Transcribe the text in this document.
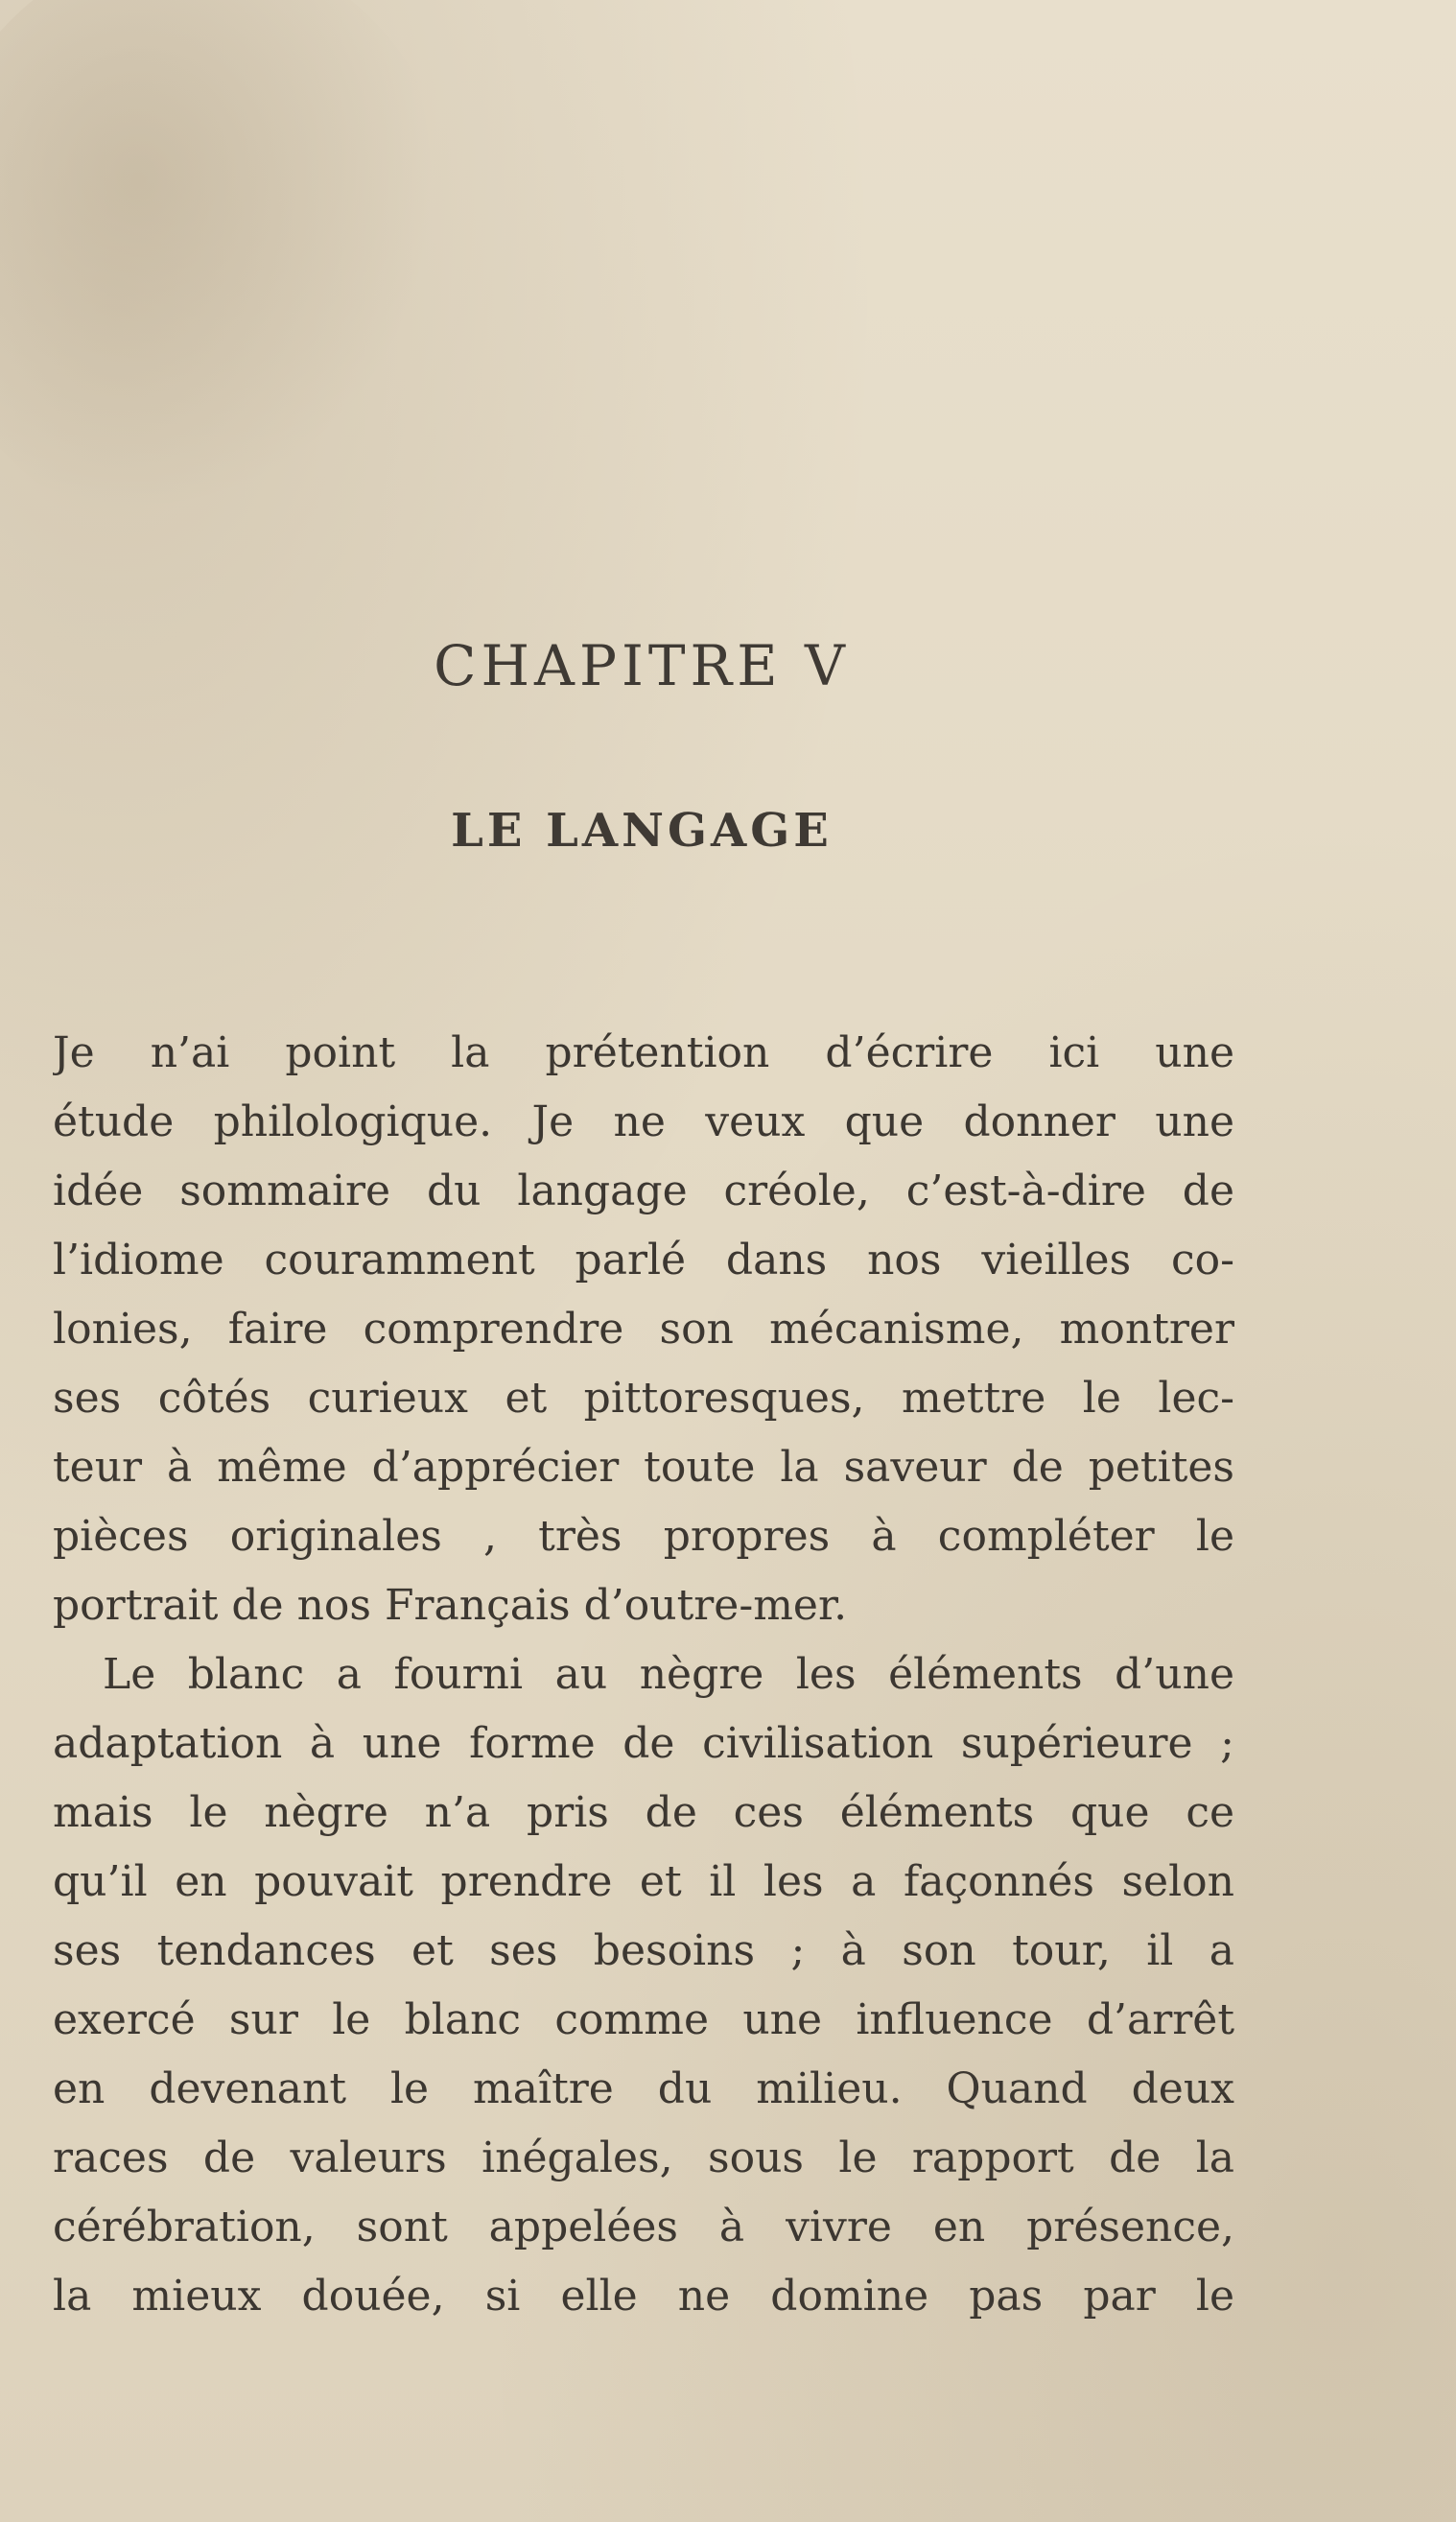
CHAPITRE V
LE LANGAGE
Je n’ai point la prétention d’écrire ici une
étude philologique. Je ne veux que donner une
idée sommaire du langage créole, c’est-à-dire de
l’idiome couramment parlé dans nos vieilles co-
lonies, faire comprendre son mécanisme, montrer
ses côtés curieux et pittoresques, mettre le lec-
teur à même d’apprécier toute la saveur de petites
pièces originales , très propres à compléter le
portrait de nos Français d’outre-mer.
Le blanc a fourni au nègre les éléments d’une
adaptation à une forme de civilisation supérieure ;
mais le nègre n’a pris de ces éléments que ce
qu’il en pouvait prendre et il les a façonnés selon
ses tendances et ses besoins ; à son tour, il a
exercé sur le blanc comme une influence d’arrêt
en devenant le maître du milieu. Quand deux
races de valeurs inégales, sous le rapport de la
cérébration, sont appelées à vivre en présence,
la mieux douée, si elle ne domine pas par le
